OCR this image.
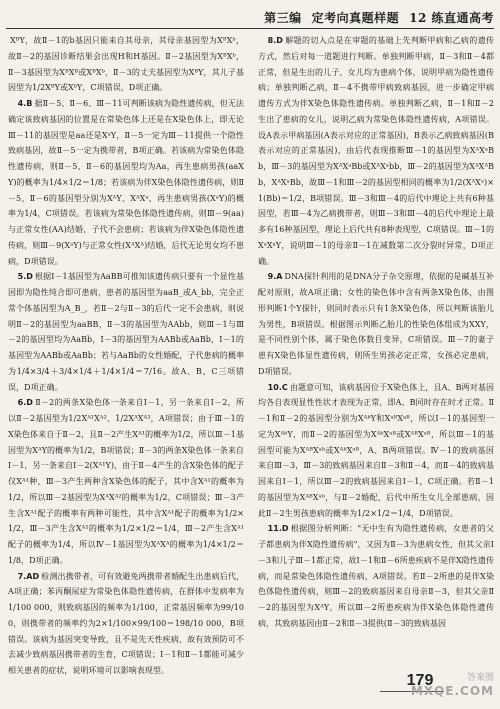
第三编 定考向真题样题 12 练直通高考

XᴮY，故Ⅱ－1的b基因只能来自其母亲，其母亲基因型为XᴮXᵇ，故Ⅱ－2的基因诊断结果会出现H和H基因。Ⅱ－2基因型为XᴮXᵇ，Ⅱ－3基因型为XᴮXᴮ或XᴮXᵇ，Ⅱ－3的丈夫基因型为XᴮY，其儿子基因型为1/2XᴮY或XᵇY，C项错误，D项正确。

4.B 据Ⅱ－5、Ⅱ－6、Ⅲ－11可判断该病为隐性遗传病，但无法确定该致病基因的位置是在常染色体上还是在X染色体上，即无论Ⅲ－11的基因型是aa还是XᵃY，Ⅱ－5一定为Ⅲ－11提供一个隐性致病基因，故Ⅱ－5一定为携带者，B项正确。若该病为常染色体隐性遗传病，则Ⅱ－5、Ⅱ－6的基因型均为Aa，再生患病男孩(aaXY)的概率为1/4×1/2＝1/8；若该病为伴X染色体隐性遗传病，则Ⅱ－5、Ⅱ－6的基因型分别为XᴬY、XᴬXᵃ，再生患病男孩(XᵃY)的概率为1/4，C项错误。若该病为常染色体隐性遗传病，则Ⅲ－9(aa)与正常女性(AA)结婚，子代不会患病；若该病为伴X染色体隐性遗传病，则Ⅲ－9(XᵃY)与正常女性(XᴬXᴬ)结婚，后代无论男女均不患病，D项错误。

5.D 根据Ⅰ－1基因型为AaBB可推知该遗传病只要有一个显性基因即为隐性纯合即可患病，患者的基因型为aaB_或A_bb，完全正常个体基因型为A_B_，若Ⅱ－2与Ⅱ－3的后代一定不会患病，则说明Ⅱ－2的基因型为aaBB，Ⅱ－3的基因型为AAbb，则Ⅲ－1与Ⅲ－2的基因型均为AaBb，Ⅰ－3的基因型为AABb或AaBb，Ⅰ－1的基因型为AABb或AaBb；若与AaBb的女性婚配，子代患病的概率为1/4×3/4＋3/4×1/4＋1/4×1/4＝7/16。故A、B、C三项错误，D项正确。

6.D Ⅱ－2的两条X染色体一条来自Ⅰ－1，另一条来自Ⅰ－2，所以Ⅱ－2基因型为1/2Xᴬ¹Xᴬ²、1/2XᴬXᴬ³，A项错误；由于Ⅲ－1的X染色体来自于Ⅱ－2，且Ⅱ－2产生Xᴬ¹的概率为1/2，所以Ⅲ－1基因型为XᴬY的概率为1/2，B项错误；Ⅱ－3的两条X染色体一条来自Ⅰ－1，另一条来自Ⅰ－2(Xᴬ¹Y)，由于Ⅱ－4产生的含X染色体的配子仅Xᴬ¹种，Ⅲ－3产生两种含X染色体的配子，其中含Xᴬ¹的概率为1/2，所以Ⅲ－2基因型为XᴬXᴬ²的概率为1/2，C项错误；Ⅲ－3产生含Xᴬ¹配子的概率有两种可能性，其中含Xᴬ¹配子的概率为1/2×1/2，Ⅲ－3产生含Xᴬ¹的概率为1/2×1/2＝1/4，Ⅲ－2产生含Xᴬ¹配子的概率为1/4，所以Ⅳ－1基因型为XᴬXᴬ的概率为1/4×1/2＝1/8，D项正确。

7.AD 检测出携带者，可有效避免两携带者婚配生出患病后代，A项正确；苯丙酮尿症为常染色体隐性遗传病，在群体中发病率为1/100 000，则致病基因的频率为1/100，正常基因频率为99/100，则携带者的频率约为2×1/100×99/100＝198/10 000，B项错误。该病为基因突变导致，且不是先天性疾病，故有效预防可不去减少致病基因携带者的生育，C项错误；Ⅰ－1和Ⅱ－1都能可减少相关患者的症状，说明环境可以影响表现型。

8.D 解题的切入点是在审题的基础上先判断甲病和乙病的遗传方式，然后对每一道题进行判断。单独判断甲病，Ⅱ－3和Ⅱ－4都正常，但是生出的儿子、女儿均为患病个体，说明甲病为隐性遗传病；单独判断乙病，Ⅱ－4不携带甲病致病基因，进一步确定甲病遗传方式为伴X染色体隐性遗传病。单独判断乙病，Ⅱ－1和Ⅱ－2生出了患病的女儿，说明乙病为常染色体隐性遗传病，A项错误。设A表示甲病基因(A表示对应的正常基因)，B表示乙病致病基因(B表示对应的正常基因)，由后代表现推断Ⅲ－1的基因型为XᴬXᵃBb，Ⅲ－3的基因型为XᴬXᵃBb或XᴬXᵃbb，Ⅲ－2的基因型为XᴬXᴬBb，XᴬXᵃBb，故Ⅲ－1和Ⅲ－2的基因型相同的概率为1/2(XᴬXᵃ)×1(Bb)＝1/2，B项错误。Ⅲ－3和Ⅲ－4的后代中理论上共有6种基因型，若Ⅲ－4为乙病携带者，则Ⅲ－3和Ⅲ－4的后代中理论上最多有16种基因型，理论上后代共有8种表现型，C项错误。Ⅲ－1的XᵃXᵃY，说明Ⅲ－1的母亲Ⅱ－1在减数第二次分裂时异常，D项正确。

9.A DNA探针利用的是DNA分子杂交原理，依据的是碱基互补配对原则，故A项正确；女性的染色体中含有两条X染色体，由图形判断1个Y探针，则同时表示只有1条X染色体，所以判断该胎儿为男性，B项错误。根据图示判断乙胎儿的性染色体组成为XXY，是不同性别个体，属于染色体数目变异，C项错误。Ⅲ－7的妻子患有X染色体显性遗传病，则所生男孩必定正常，女孩必定患病，D项错误。

10.C 由题意可知，该病基因位于X染色体上，且A、B两对基因均各自表现显性性状才表现为正常，即A、B同时存在时才正常。Ⅱ－1和Ⅱ－2的基因型分别为XᴬᵇY和XᵃᴮXᵃᴮ，所以Ⅰ－1的基因型一定为XᴬᵇY，而Ⅱ－2的基因型为XᴬᵇXᵃᴮ或XᴬᴮXᵃᴮ，所以Ⅲ－1的基因型可能为XᴬᴮXᵃᵇ或XᴬᵇXᵃᴮ，A、B两项错误。Ⅳ－1的致病基因来自Ⅲ－3，Ⅲ－3的致病基因来自Ⅱ－3和Ⅱ－4，而Ⅱ－4的致病基因来自Ⅰ－1，所以Ⅲ－2的致病基因来自Ⅰ－1，C项正确。若Ⅱ－1的基因型为XᴬᴮXᵃᵇ，与Ⅱ－2婚配，后代中所生女儿全部患病，因此Ⅱ－2生男孩患病的概率为1/2×1/2＝1/4，D项错误。

11.D 根据图分析判断："无中生有为隐性遗传病，女患者的父子都患病为伴X隐性遗传病"，又因为Ⅱ－3为患病女性，但其父亲Ⅰ－3和儿子Ⅲ－1都正常，故Ⅰ－1和Ⅱ－6所患疾病不是伴X隐性遗传病，而是常染色体隐性遗传病，A项错误。若Ⅱ－2所患的是伴X染色体隐性遗传病，则Ⅲ－2的致病基因来自母亲Ⅱ－3，但其父亲Ⅱ－2的基因型为XᴬY，所以Ⅲ－2所患疾病为伴X染色体隐性遗传病，其致病基因由Ⅱ－2和Ⅱ－3提供(Ⅱ－3的致病基因

179	答案圈
MXQE.COM
